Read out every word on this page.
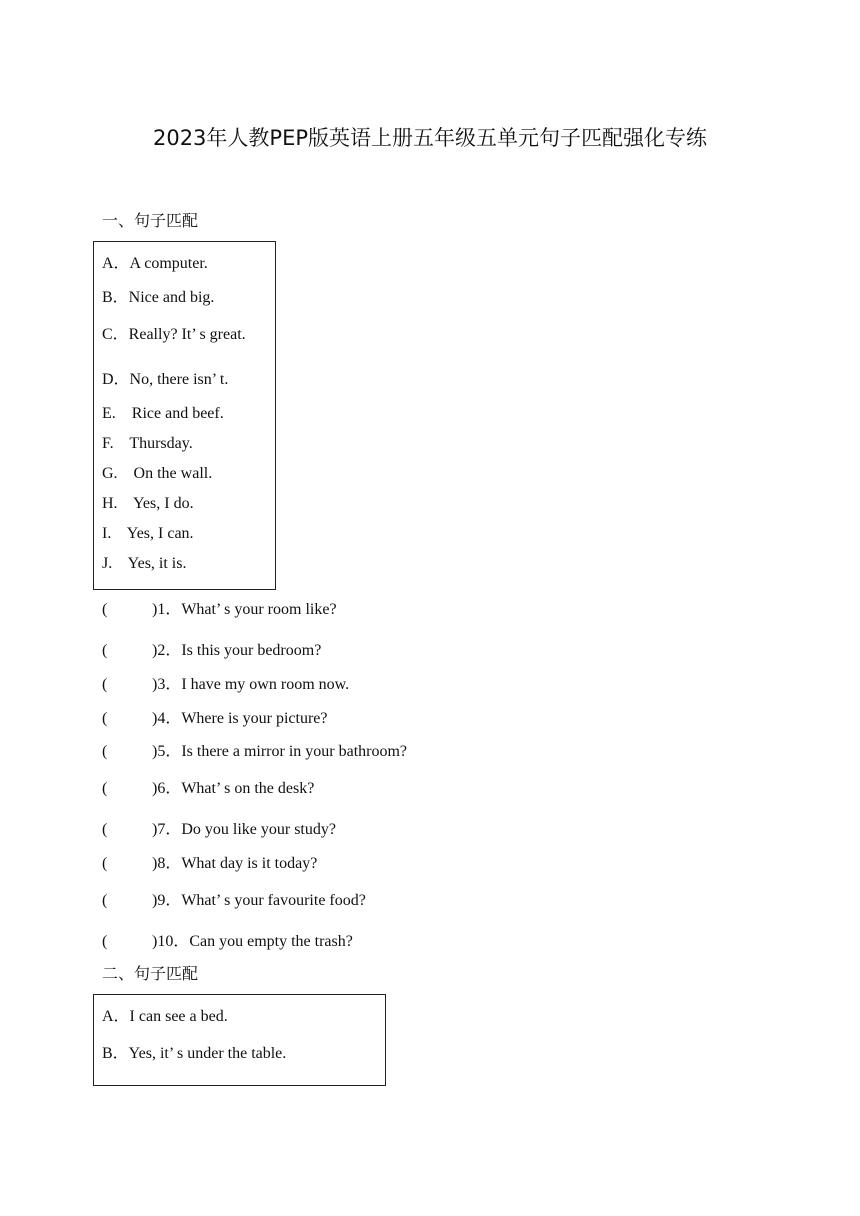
2023年人教PEP版英语上册五年级五单元句子匹配强化专练
一、句子匹配
A．A computer.
B．Nice and big.
C．Really? It’ s great.
D．No, there isn’ t.
E.    Rice and beef.
F.    Thursday.
G.    On the wall.
H.    Yes, I do.
I.    Yes, I can.
J.    Yes, it is.
(	)1．What’ s your room like?
(	)2．Is this your bedroom?
(	)3．I have my own room now.
(	)4．Where is your picture?
(	)5．Is there a mirror in your bathroom?
(	)6．What’ s on the desk?
(	)7．Do you like your study?
(	)8．What day is it today?
(	)9．What’ s your favourite food?
(	)10．Can you empty the trash?
二、句子匹配
A．I can see a bed.
B．Yes, it’ s under the table.
